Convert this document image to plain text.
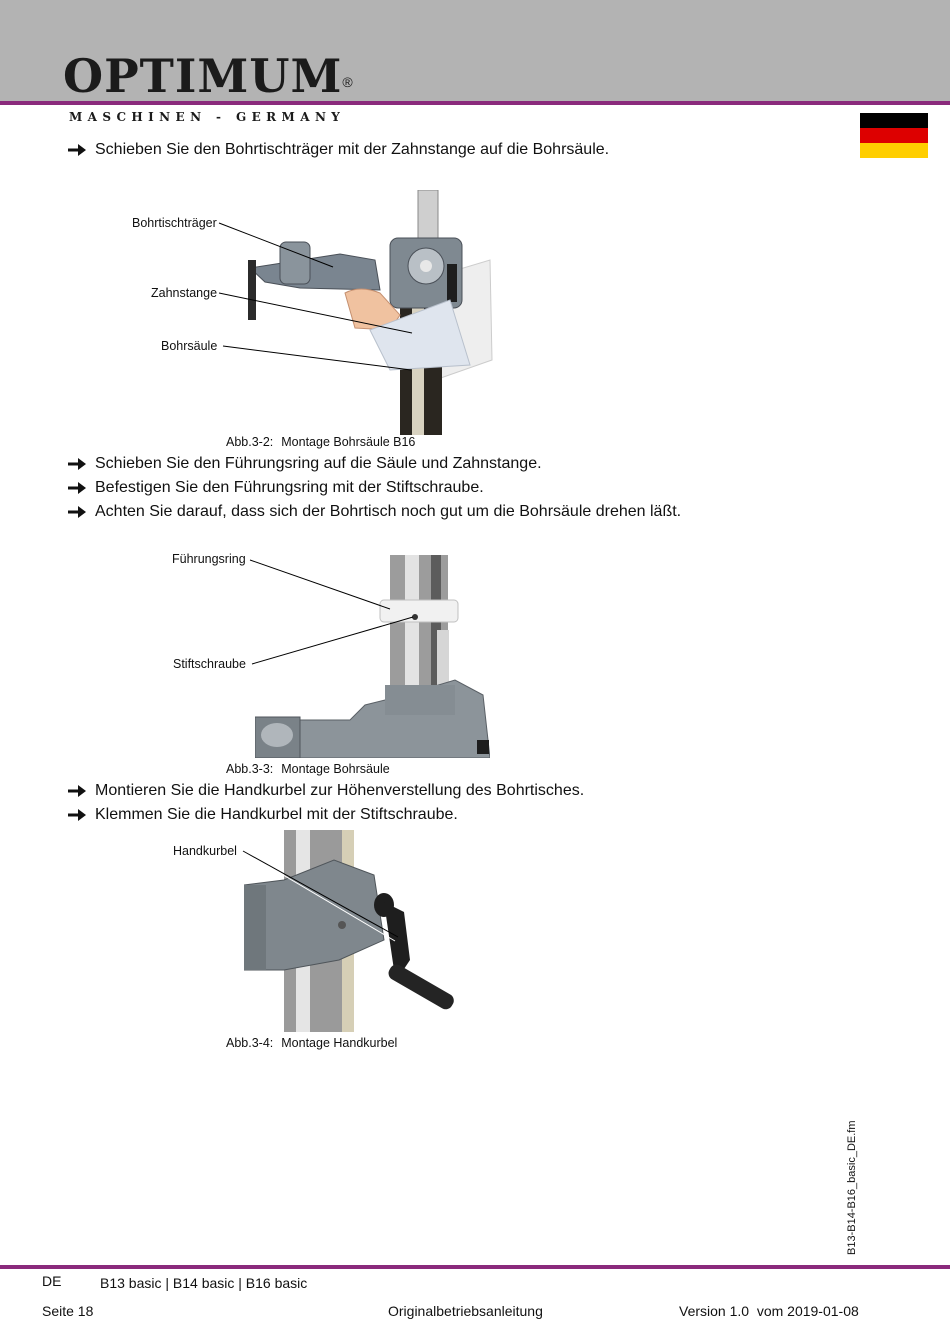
OPTIMUM®
MASCHINEN - GERMANY
Schieben Sie den Bohrtischträger mit der Zahnstange auf die Bohrsäule.
Bohrtischträger
Zahnstange
Bohrsäule
Abb.3-2: Montage Bohrsäule B16
Schieben Sie den Führungsring auf die Säule und Zahnstange.
Befestigen Sie den Führungsring mit der Stiftschraube.
Achten Sie darauf, dass sich der Bohrtisch noch gut um die Bohrsäule drehen läßt.
Führungsring
Stiftschraube
Abb.3-3: Montage Bohrsäule
Montieren Sie die Handkurbel zur Höhenverstellung des Bohrtisches.
Klemmen Sie die Handkurbel mit der Stiftschraube.
Handkurbel
Abb.3-4: Montage Handkurbel
B13-B14-B16_basic_DE.fm
DE	B13 basic | B14 basic | B16 basic
Seite 18	Originalbetriebsanleitung	Version 1.0  vom 2019-01-08
